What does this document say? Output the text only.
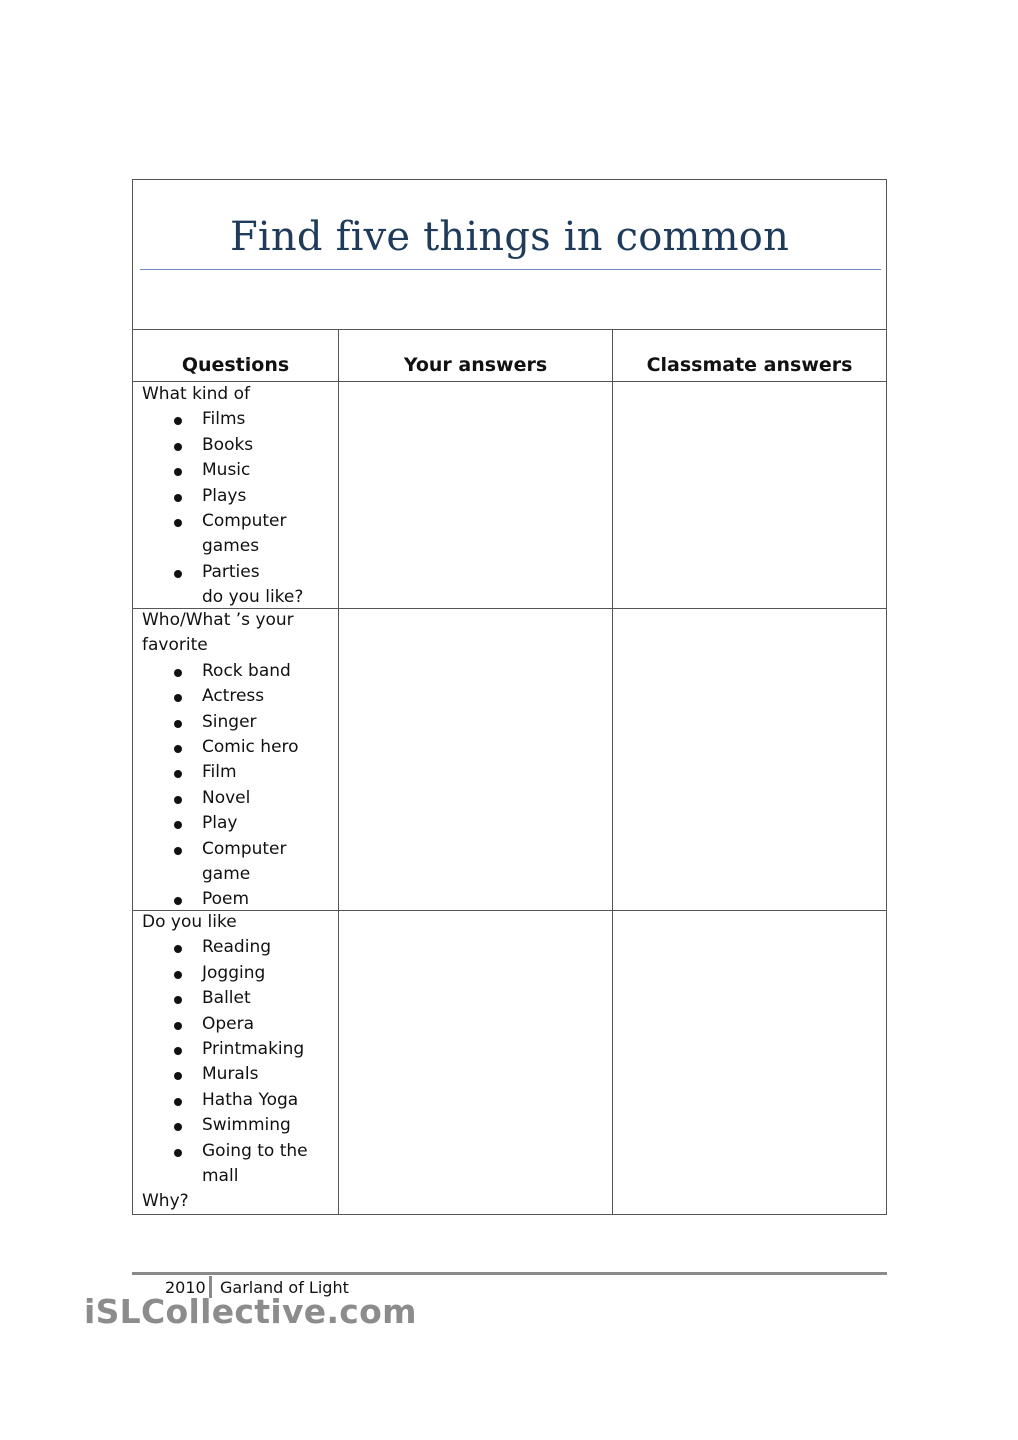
Find five things in common
Questions	Your answers	Classmate answers
What kind of
Films
Books
Music
Plays
Computer games
Parties
do you like?
Who/What ’s your
favorite
Rock band
Actress
Singer
Comic hero
Film
Novel
Play
Computer game
Poem
Do you like
Reading
Jogging
Ballet
Opera
Printmaking
Murals
Hatha Yoga
Swimming
Going to the mall
Why?
2010 Garland of Light
iSLCollective.com
